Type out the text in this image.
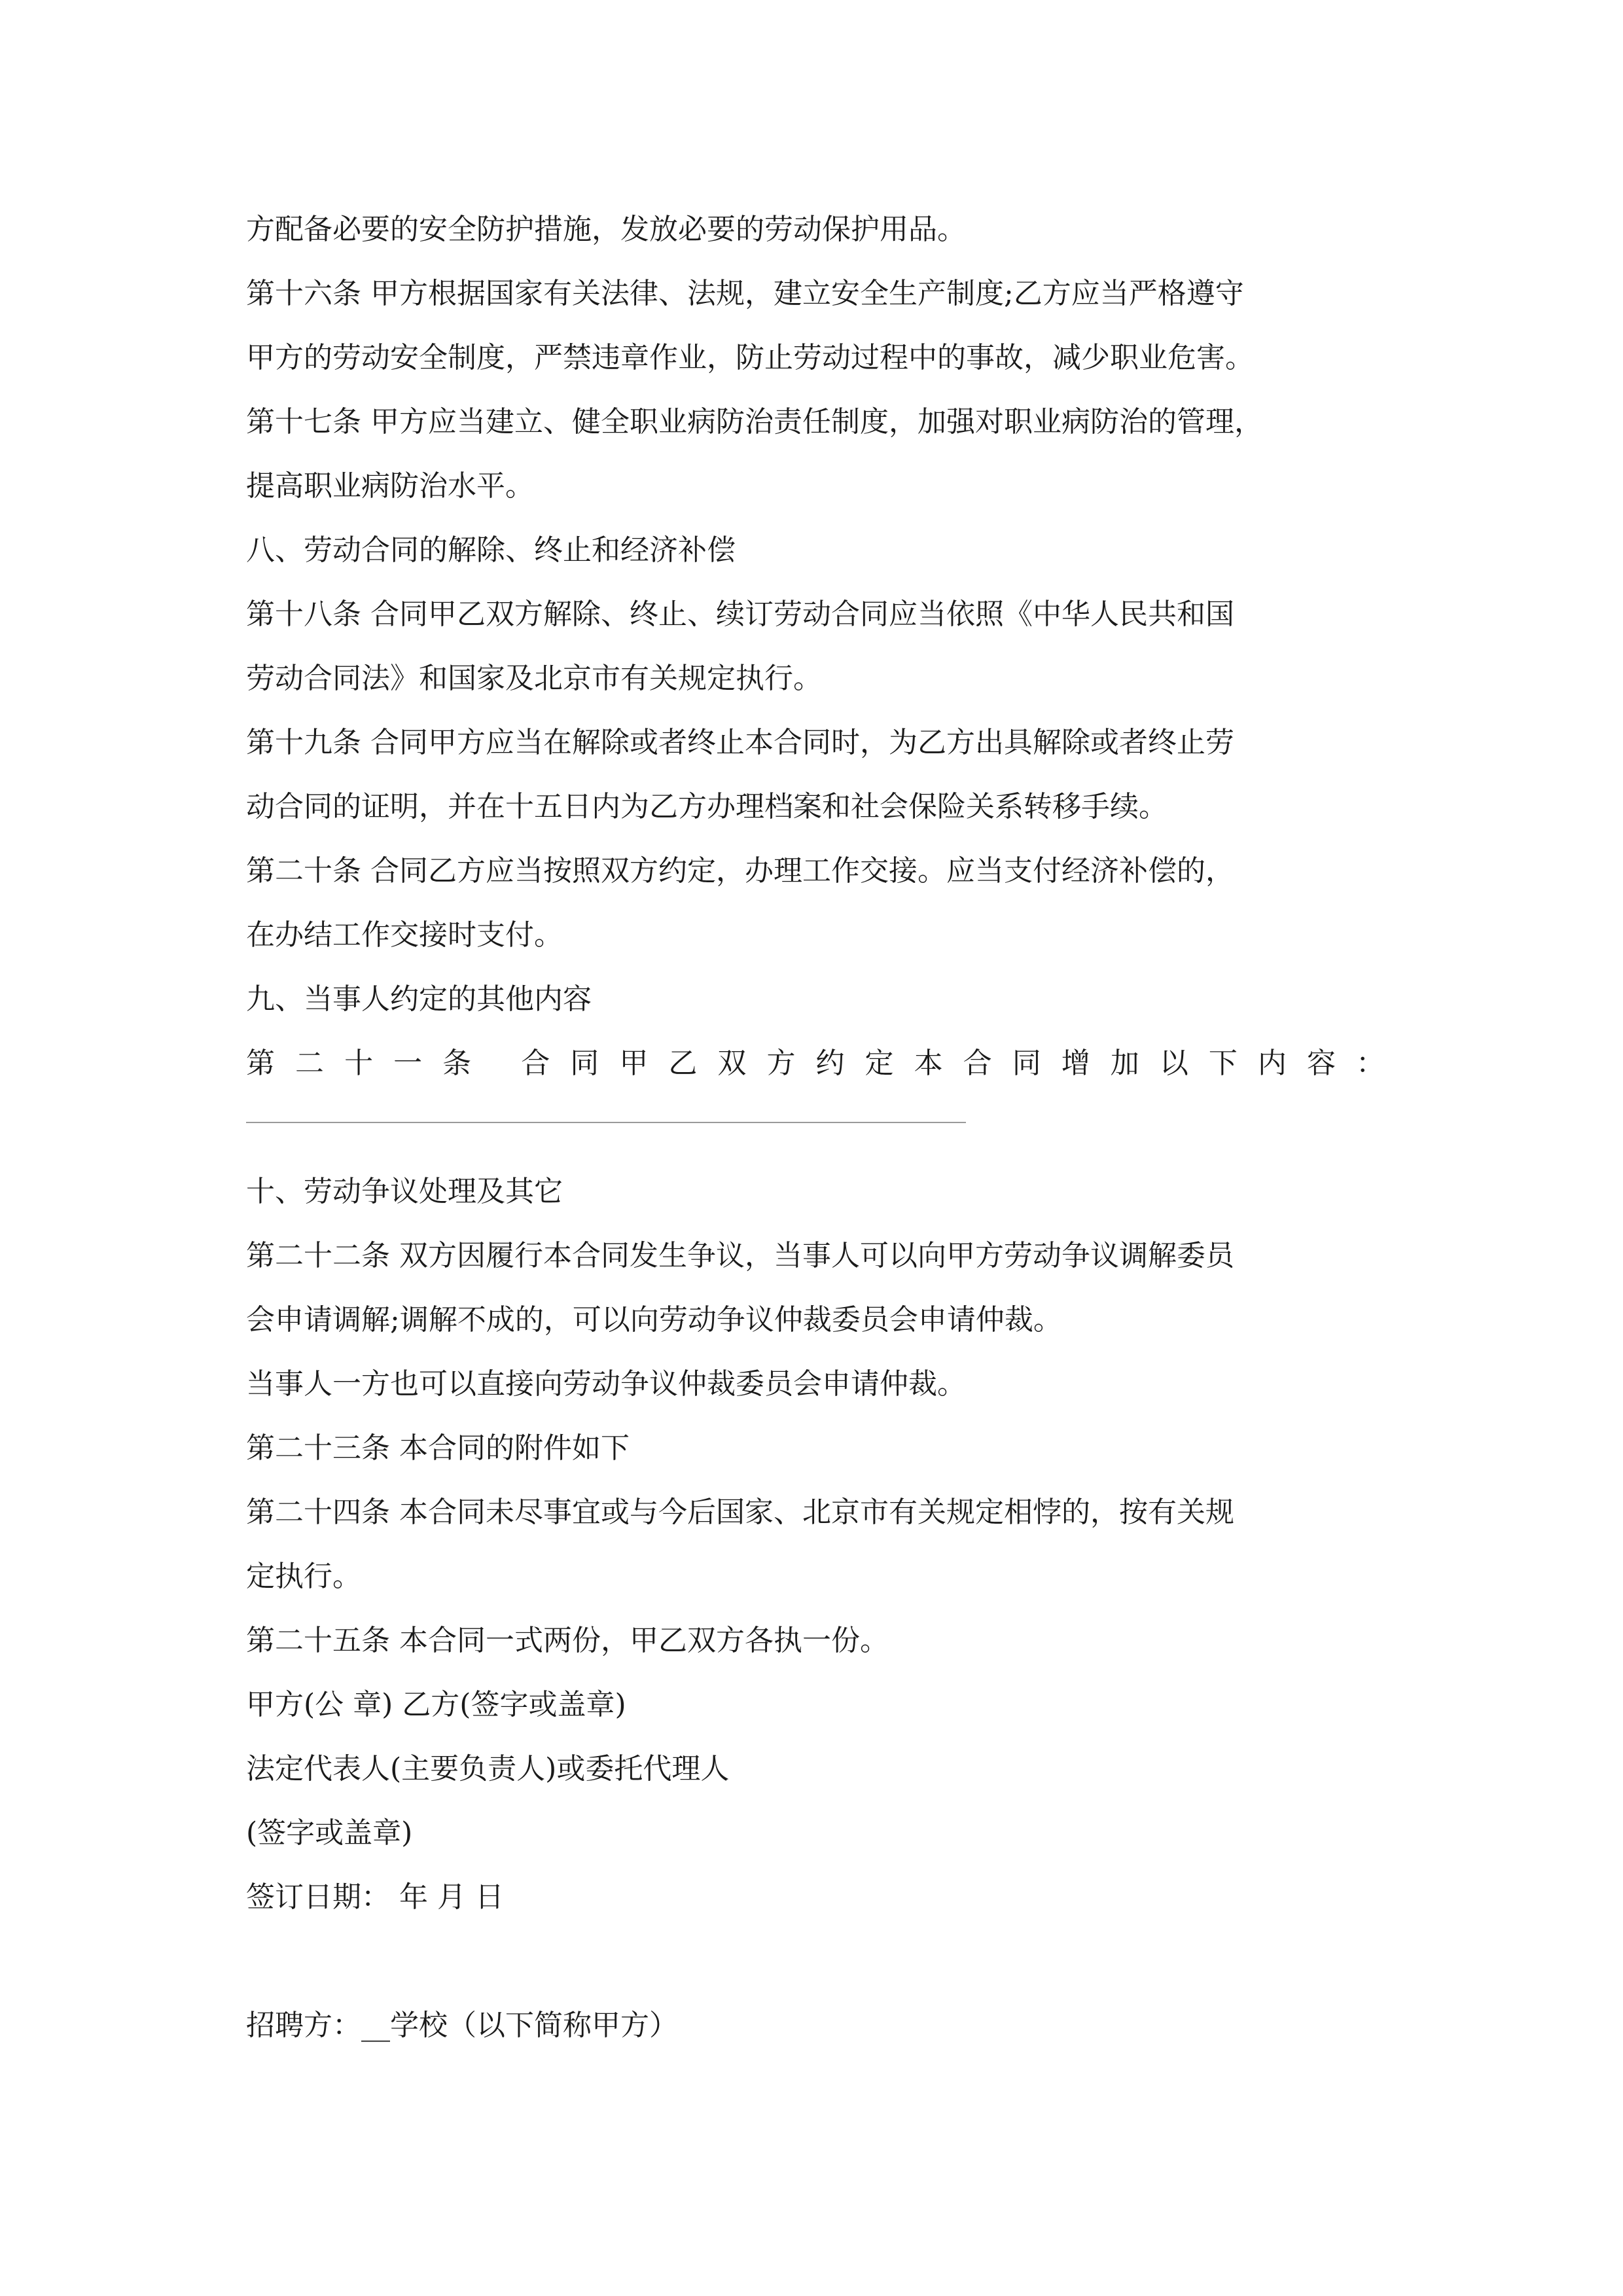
方配备必要的安全防护措施，发放必要的劳动保护用品。
第十六条 甲方根据国家有关法律、法规，建立安全生产制度;乙方应当严格遵守
甲方的劳动安全制度，严禁违章作业，防止劳动过程中的事故，减少职业危害。
第十七条 甲方应当建立、健全职业病防治责任制度，加强对职业病防治的管理，
提高职业病防治水平。
八、劳动合同的解除、终止和经济补偿
第十八条 合同甲乙双方解除、终止、续订劳动合同应当依照《中华人民共和国
劳动合同法》和国家及北京市有关规定执行。
第十九条 合同甲方应当在解除或者终止本合同时，为乙方出具解除或者终止劳
动合同的证明，并在十五日内为乙方办理档案和社会保险关系转移手续。
第二十条 合同乙方应当按照双方约定，办理工作交接。应当支付经济补偿的，
在办结工作交接时支付。
九、当事人约定的其他内容
第二十一条 合同甲乙双方约定本合同增加以下内容：
十、劳动争议处理及其它
第二十二条 双方因履行本合同发生争议，当事人可以向甲方劳动争议调解委员
会申请调解;调解不成的，可以向劳动争议仲裁委员会申请仲裁。
当事人一方也可以直接向劳动争议仲裁委员会申请仲裁。
第二十三条 本合同的附件如下
第二十四条 本合同未尽事宜或与今后国家、北京市有关规定相悖的，按有关规
定执行。
第二十五条 本合同一式两份，甲乙双方各执一份。
甲方(公 章) 乙方(签字或盖章)
法定代表人(主要负责人)或委托代理人
(签字或盖章)
签订日期： 年 月 日
招聘方：__学校（以下简称甲方）
